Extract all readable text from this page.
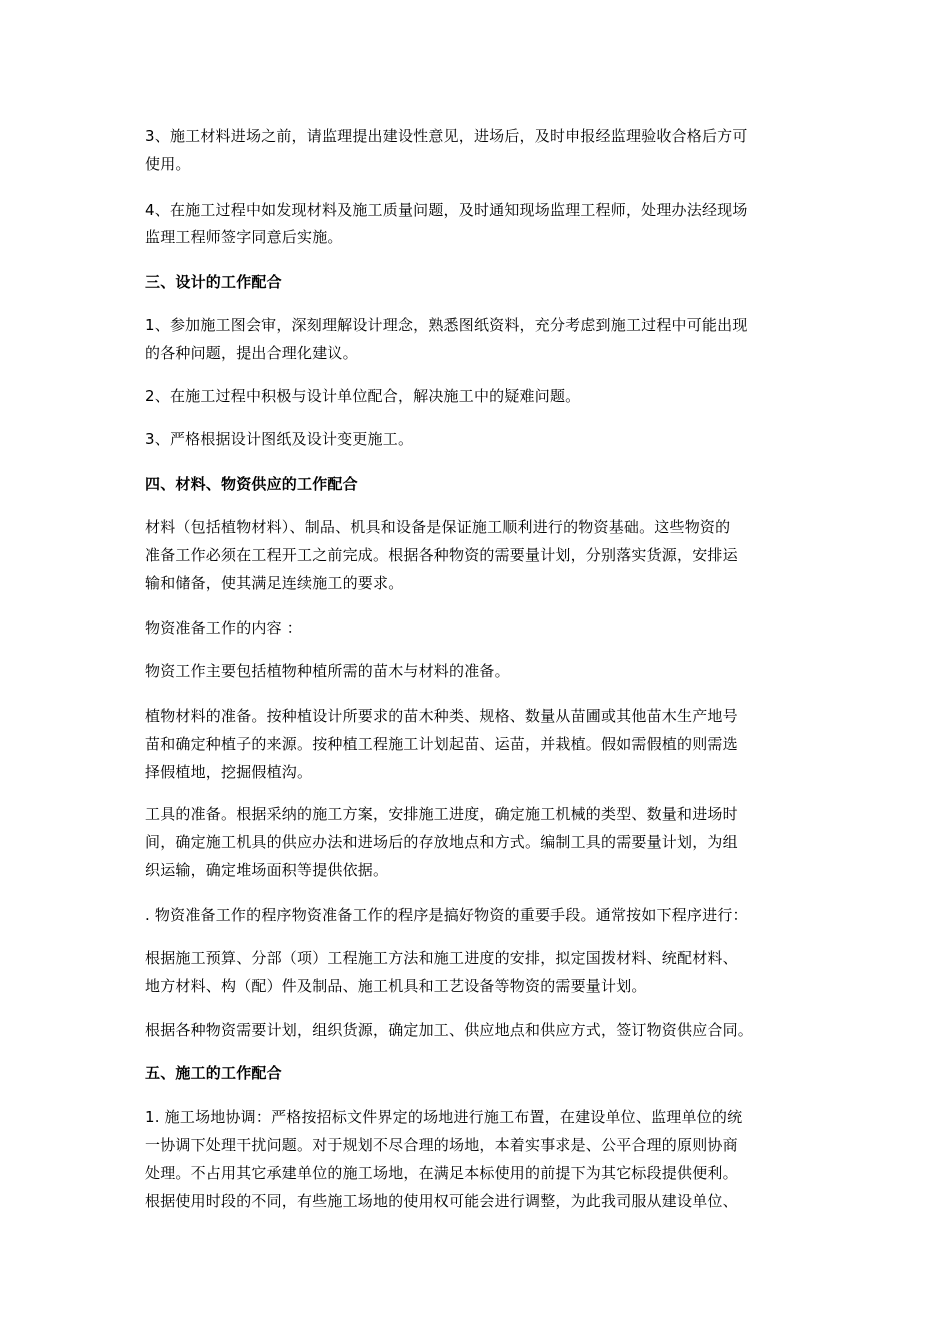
3、施工材料进场之前，请监理提出建设性意见，进场后，及时申报经监理验收合格后方可

使用。

4、在施工过程中如发现材料及施工质量问题，及时通知现场监理工程师，处理办法经现场

监理工程师签字同意后实施。

三、设计的工作配合

1、参加施工图会审，深刻理解设计理念，熟悉图纸资料，充分考虑到施工过程中可能出现

的各种问题，提出合理化建议。

2、在施工过程中积极与设计单位配合，解决施工中的疑难问题。

3、严格根据设计图纸及设计变更施工。

四、材料、物资供应的工作配合

材料（包括植物材料）、制品、机具和设备是保证施工顺利进行的物资基础。这些物资的

准备工作必须在工程开工之前完成。根据各种物资的需要量计划，分别落实货源，安排运

输和储备，使其满足连续施工的要求。

物资准备工作的内容 ：

物资工作主要包括植物种植所需的苗木与材料的准备。

植物材料的准备。按种植设计所要求的苗木种类、规格、数量从苗圃或其他苗木生产地号

苗和确定种植子的来源。按种植工程施工计划起苗、运苗，并栽植。假如需假植的则需选

择假植地，挖掘假植沟。

工具的准备。根据采纳的施工方案，安排施工进度，确定施工机械的类型、数量和进场时

间，确定施工机具的供应办法和进场后的存放地点和方式。编制工具的需要量计划，为组

织运输，确定堆场面积等提供依据。

. 物资准备工作的程序物资准备工作的程序是搞好物资的重要手段。通常按如下程序进行：

根据施工预算、分部（项）工程施工方法和施工进度的安排，拟定国拨材料、统配材料、

地方材料、构（配）件及制品、施工机具和工艺设备等物资的需要量计划。

根据各种物资需要计划，组织货源，确定加工、供应地点和供应方式，签订物资供应合同。

五、施工的工作配合

1. 施工场地协调：严格按招标文件界定的场地进行施工布置，在建设单位、监理单位的统

一协调下处理干扰问题。对于规划不尽合理的场地，本着实事求是、公平合理的原则协商

处理。不占用其它承建单位的施工场地，在满足本标使用的前提下为其它标段提供便利。

根据使用时段的不同，有些施工场地的使用权可能会进行调整，为此我司服从建设单位、
